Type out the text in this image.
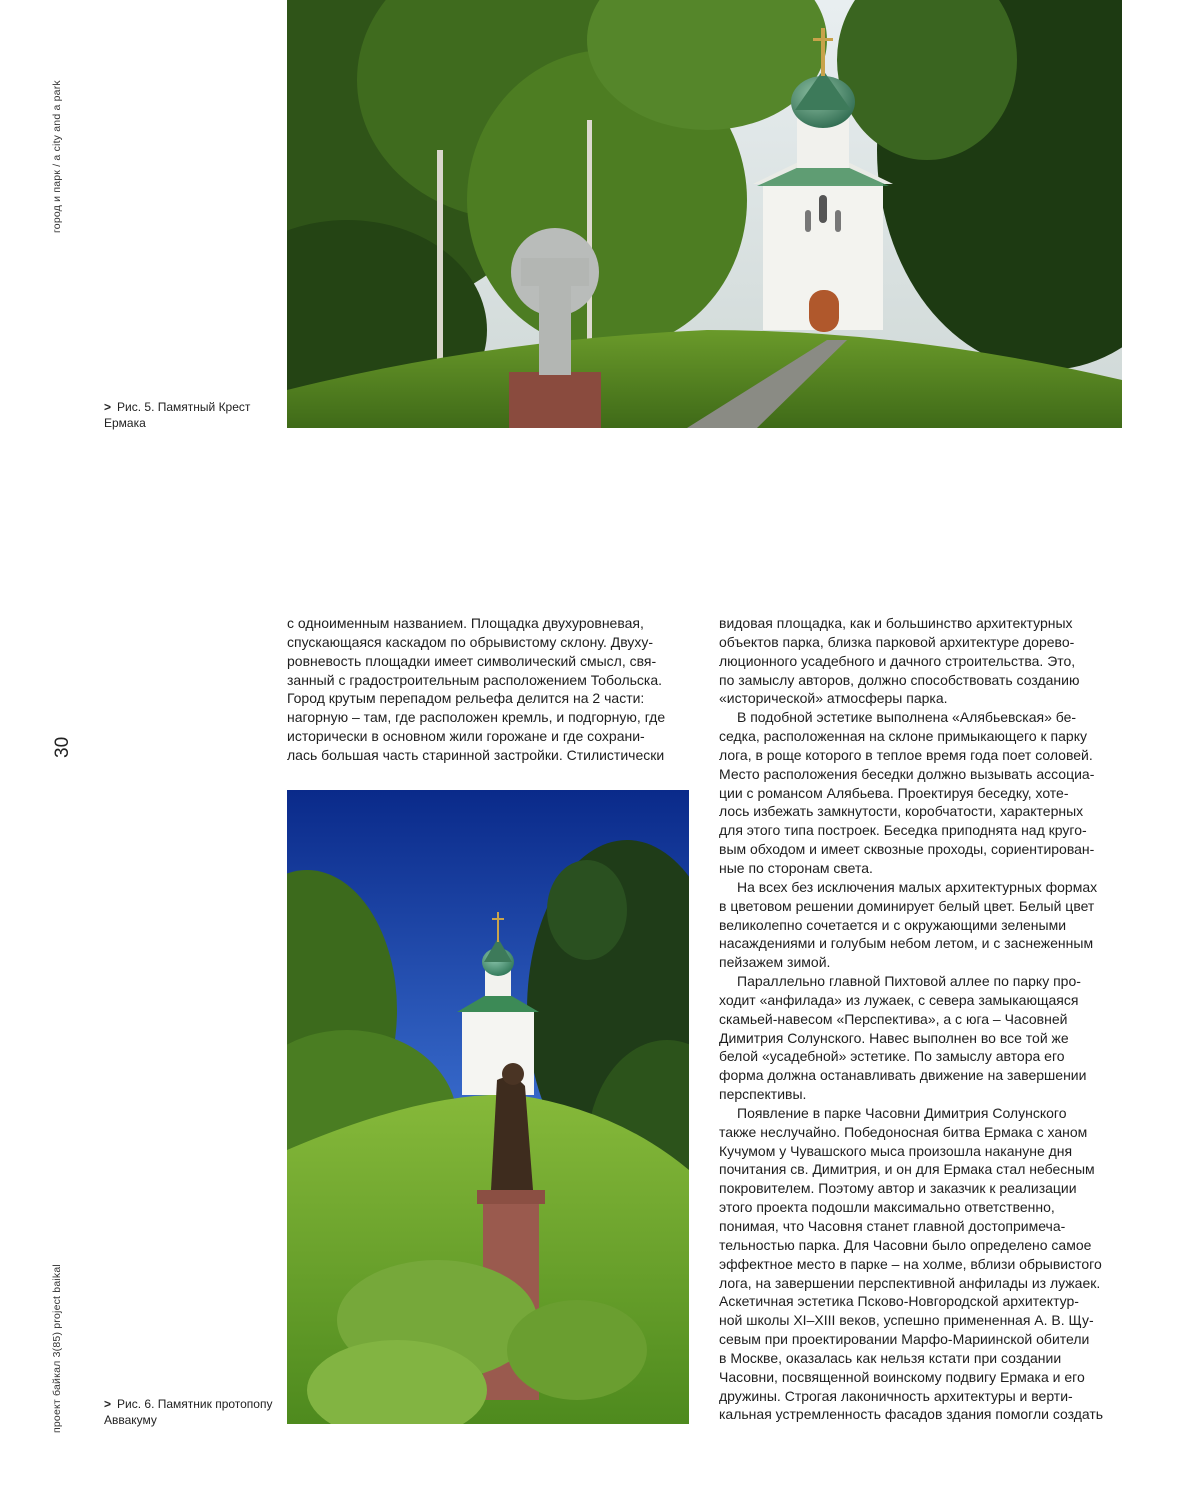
город и парк / a city and a park
30
проект байкал 3(85) project baikal
> Рис. 5. Памятный Крест Ермака

с одноименным названием. Площадка двухуровневая,
спускающаяся каскадом по обрывистому склону. Двуху-
ровневость площадки имеет символический смысл, свя-
занный с градостроительным расположением Тобольска.
Город крутым перепадом рельефа делится на 2 части:
нагорную – там, где расположен кремль, и подгорную, где
исторически в основном жили горожане и где сохрани-
лась большая часть старинной застройки. Стилистически

> Рис. 6. Памятник протопопу Аввакуму

видовая площадка, как и большинство архитектурных
объектов парка, близка парковой архитектуре дорево-
люционного усадебного и дачного строительства. Это,
по замыслу авторов, должно способствовать созданию
«исторической» атмосферы парка.

В подобной эстетике выполнена «Алябьевская» бе-
седка, расположенная на склоне примыкающего к парку
лога, в роще которого в теплое время года поет соловей.
Место расположения беседки должно вызывать ассоциа-
ции с романсом Алябьева. Проектируя беседку, хоте-
лось избежать замкнутости, коробчатости, характерных
для этого типа построек. Беседка приподнята над круго-
вым обходом и имеет сквозные проходы, сориентирован-
ные по сторонам света.

На всех без исключения малых архитектурных формах
в цветовом решении доминирует белый цвет. Белый цвет
великолепно сочетается и с окружающими зелеными
насаждениями и голубым небом летом, и с заснеженным
пейзажем зимой.

Параллельно главной Пихтовой аллее по парку про-
ходит «анфилада» из лужаек, с севера замыкающаяся
скамьей-навесом «Перспектива», а с юга – Часовней
Димитрия Солунского. Навес выполнен во все той же
белой «усадебной» эстетике. По замыслу автора его
форма должна останавливать движение на завершении
перспективы.

Появление в парке Часовни Димитрия Солунского
также неслучайно. Победоносная битва Ермака с ханом
Кучумом у Чувашского мыса произошла накануне дня
почитания св. Димитрия, и он для Ермака стал небесным
покровителем. Поэтому автор и заказчик к реализации
этого проекта подошли максимально ответственно,
понимая, что Часовня станет главной достопримеча-
тельностью парка. Для Часовни было определено самое
эффектное место в парке – на холме, вблизи обрывистого
лога, на завершении перспективной анфилады из лужаек.
Аскетичная эстетика Псково-Новгородской архитектур-
ной школы XI–XIII веков, успешно примененная А. В. Щу-
севым при проектировании Марфо-Мариинской обители
в Москве, оказалась как нельзя кстати при создании
Часовни, посвященной воинскому подвигу Ермака и его
дружины. Строгая лаконичность архитектуры и верти-
кальная устремленность фасадов здания помогли создать
